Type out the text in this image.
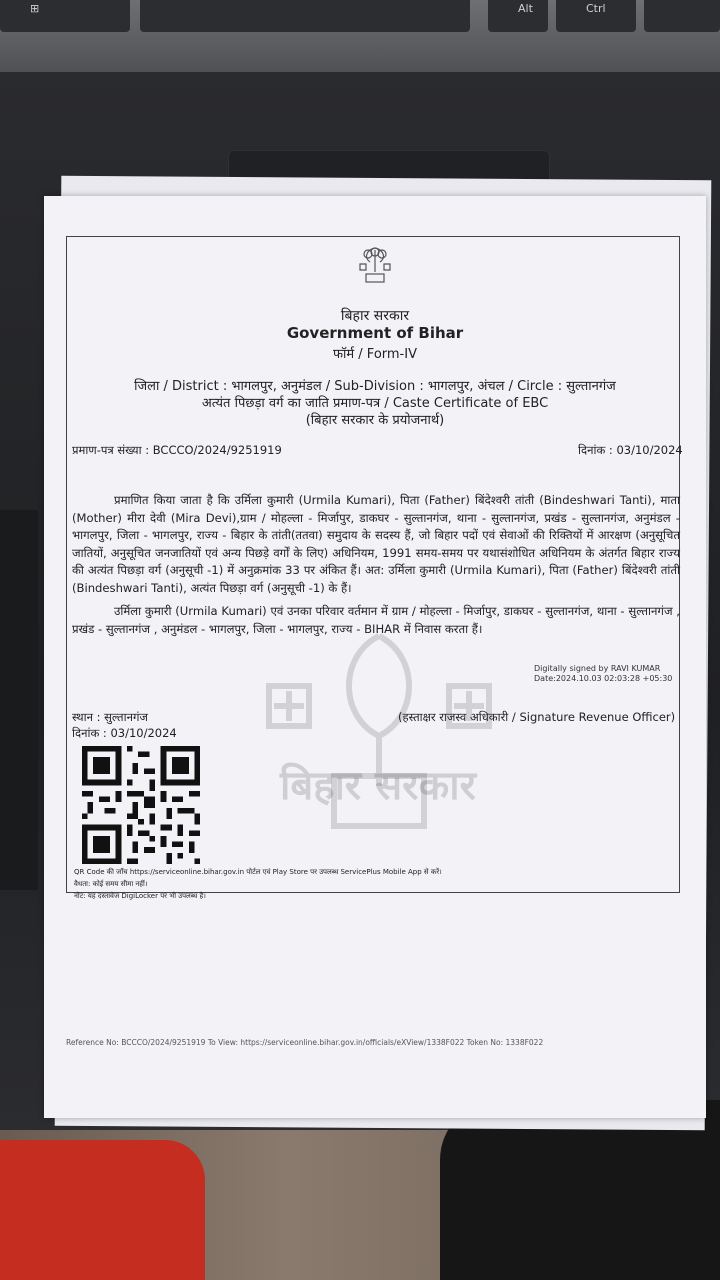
⊞	Alt	Ctrl
बिहार सरकार
बिहार सरकार
Government of Bihar
फॉर्म / Form-IV
जिला / District : भागलपुर, अनुमंडल / Sub-Division : भागलपुर, अंचल / Circle : सुल्तानगंज
अत्यंत पिछड़ा वर्ग का जाति प्रमाण-पत्र / Caste Certificate of EBC
(बिहार सरकार के प्रयोजनार्थ)
प्रमाण-पत्र संख्या : BCCCO/2024/9251919	दिनांक : 03/10/2024

प्रमाणित किया जाता है कि उर्मिला कुमारी (Urmila Kumari), पिता (Father) बिंदेश्वरी तांती (Bindeshwari Tanti), माता (Mother) मीरा देवी (Mira Devi),ग्राम / मोहल्ला - मिर्जापुर, डाकघर - सुल्तानगंज, थाना - सुल्तानगंज, प्रखंड - सुल्तानगंज, अनुमंडल - भागलपुर, जिला - भागलपुर, राज्य - बिहार के तांती(ततवा) समुदाय के सदस्य हैं, जो बिहार पदों एवं सेवाओं की रिक्तियों में आरक्षण (अनुसूचित जातियों, अनुसूचित जनजातियों एवं अन्य पिछड़े वर्गों के लिए) अधिनियम, 1991 समय-समय पर यथासंशोधित अधिनियम के अंतर्गत बिहार राज्य की अत्यंत पिछड़ा वर्ग (अनुसूची -1) में अनुक्रमांक 33 पर अंकित हैं। अत: उर्मिला कुमारी (Urmila Kumari), पिता (Father) बिंदेश्वरी तांती (Bindeshwari Tanti), अत्यंत पिछड़ा वर्ग (अनुसूची -1) के हैं।

उर्मिला कुमारी (Urmila Kumari) एवं उनका परिवार वर्तमान में ग्राम / मोहल्ला - मिर्जापुर, डाकघर - सुल्तानगंज, थाना - सुल्तानगंज , प्रखंड - सुल्तानगंज , अनुमंडल - भागलपुर, जिला - भागलपुर, राज्य - BIHAR में निवास करता हैं।

Digitally signed by RAVI KUMAR
Date:2024.10.03 02:03:28 +05:30
स्थान : सुल्तानगंज
दिनांक : 03/10/2024
(हस्ताक्षर राजस्व अधिकारी / Signature Revenue Officer)
QR Code की जाँच https://serviceonline.bihar.gov.in पोर्टल एवं Play Store पर उपलब्ध ServicePlus Mobile App से करें।
वैधता: कोई समय सीमा नहीं।
नोट: यह दस्तावेज DigiLocker पर भी उपलब्ध है।
Reference No: BCCCO/2024/9251919 To View: https://serviceonline.bihar.gov.in/officials/eXView/1338F022 Token No: 1338F022
